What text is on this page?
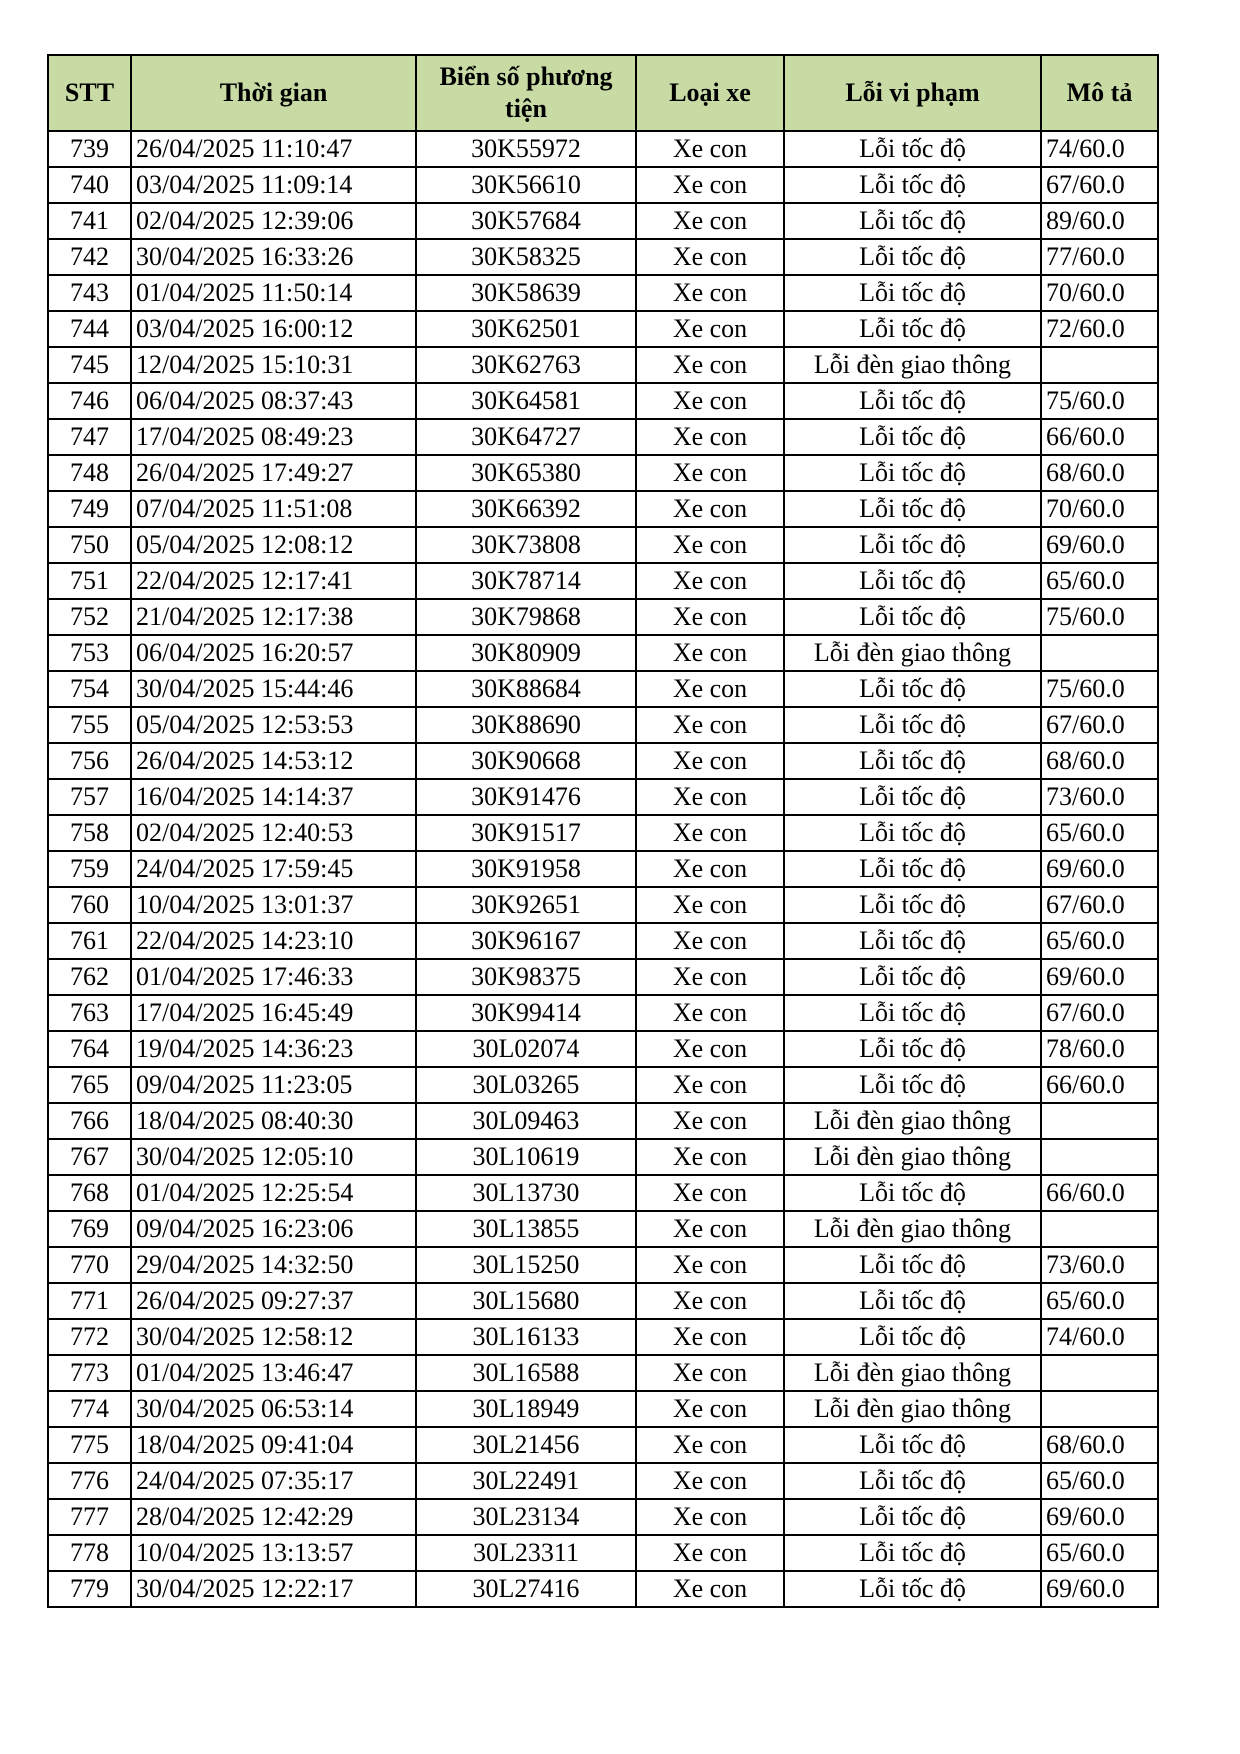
STT	Thời gian	Biển số phương tiện	Loại xe	Lỗi vi phạm	Mô tả
739	26/04/2025 11:10:47	30K55972	Xe con	Lỗi tốc độ	74/60.0
740	03/04/2025 11:09:14	30K56610	Xe con	Lỗi tốc độ	67/60.0
741	02/04/2025 12:39:06	30K57684	Xe con	Lỗi tốc độ	89/60.0
742	30/04/2025 16:33:26	30K58325	Xe con	Lỗi tốc độ	77/60.0
743	01/04/2025 11:50:14	30K58639	Xe con	Lỗi tốc độ	70/60.0
744	03/04/2025 16:00:12	30K62501	Xe con	Lỗi tốc độ	72/60.0
745	12/04/2025 15:10:31	30K62763	Xe con	Lỗi đèn giao thông	
746	06/04/2025 08:37:43	30K64581	Xe con	Lỗi tốc độ	75/60.0
747	17/04/2025 08:49:23	30K64727	Xe con	Lỗi tốc độ	66/60.0
748	26/04/2025 17:49:27	30K65380	Xe con	Lỗi tốc độ	68/60.0
749	07/04/2025 11:51:08	30K66392	Xe con	Lỗi tốc độ	70/60.0
750	05/04/2025 12:08:12	30K73808	Xe con	Lỗi tốc độ	69/60.0
751	22/04/2025 12:17:41	30K78714	Xe con	Lỗi tốc độ	65/60.0
752	21/04/2025 12:17:38	30K79868	Xe con	Lỗi tốc độ	75/60.0
753	06/04/2025 16:20:57	30K80909	Xe con	Lỗi đèn giao thông	
754	30/04/2025 15:44:46	30K88684	Xe con	Lỗi tốc độ	75/60.0
755	05/04/2025 12:53:53	30K88690	Xe con	Lỗi tốc độ	67/60.0
756	26/04/2025 14:53:12	30K90668	Xe con	Lỗi tốc độ	68/60.0
757	16/04/2025 14:14:37	30K91476	Xe con	Lỗi tốc độ	73/60.0
758	02/04/2025 12:40:53	30K91517	Xe con	Lỗi tốc độ	65/60.0
759	24/04/2025 17:59:45	30K91958	Xe con	Lỗi tốc độ	69/60.0
760	10/04/2025 13:01:37	30K92651	Xe con	Lỗi tốc độ	67/60.0
761	22/04/2025 14:23:10	30K96167	Xe con	Lỗi tốc độ	65/60.0
762	01/04/2025 17:46:33	30K98375	Xe con	Lỗi tốc độ	69/60.0
763	17/04/2025 16:45:49	30K99414	Xe con	Lỗi tốc độ	67/60.0
764	19/04/2025 14:36:23	30L02074	Xe con	Lỗi tốc độ	78/60.0
765	09/04/2025 11:23:05	30L03265	Xe con	Lỗi tốc độ	66/60.0
766	18/04/2025 08:40:30	30L09463	Xe con	Lỗi đèn giao thông	
767	30/04/2025 12:05:10	30L10619	Xe con	Lỗi đèn giao thông	
768	01/04/2025 12:25:54	30L13730	Xe con	Lỗi tốc độ	66/60.0
769	09/04/2025 16:23:06	30L13855	Xe con	Lỗi đèn giao thông	
770	29/04/2025 14:32:50	30L15250	Xe con	Lỗi tốc độ	73/60.0
771	26/04/2025 09:27:37	30L15680	Xe con	Lỗi tốc độ	65/60.0
772	30/04/2025 12:58:12	30L16133	Xe con	Lỗi tốc độ	74/60.0
773	01/04/2025 13:46:47	30L16588	Xe con	Lỗi đèn giao thông	
774	30/04/2025 06:53:14	30L18949	Xe con	Lỗi đèn giao thông	
775	18/04/2025 09:41:04	30L21456	Xe con	Lỗi tốc độ	68/60.0
776	24/04/2025 07:35:17	30L22491	Xe con	Lỗi tốc độ	65/60.0
777	28/04/2025 12:42:29	30L23134	Xe con	Lỗi tốc độ	69/60.0
778	10/04/2025 13:13:57	30L23311	Xe con	Lỗi tốc độ	65/60.0
779	30/04/2025 12:22:17	30L27416	Xe con	Lỗi tốc độ	69/60.0
